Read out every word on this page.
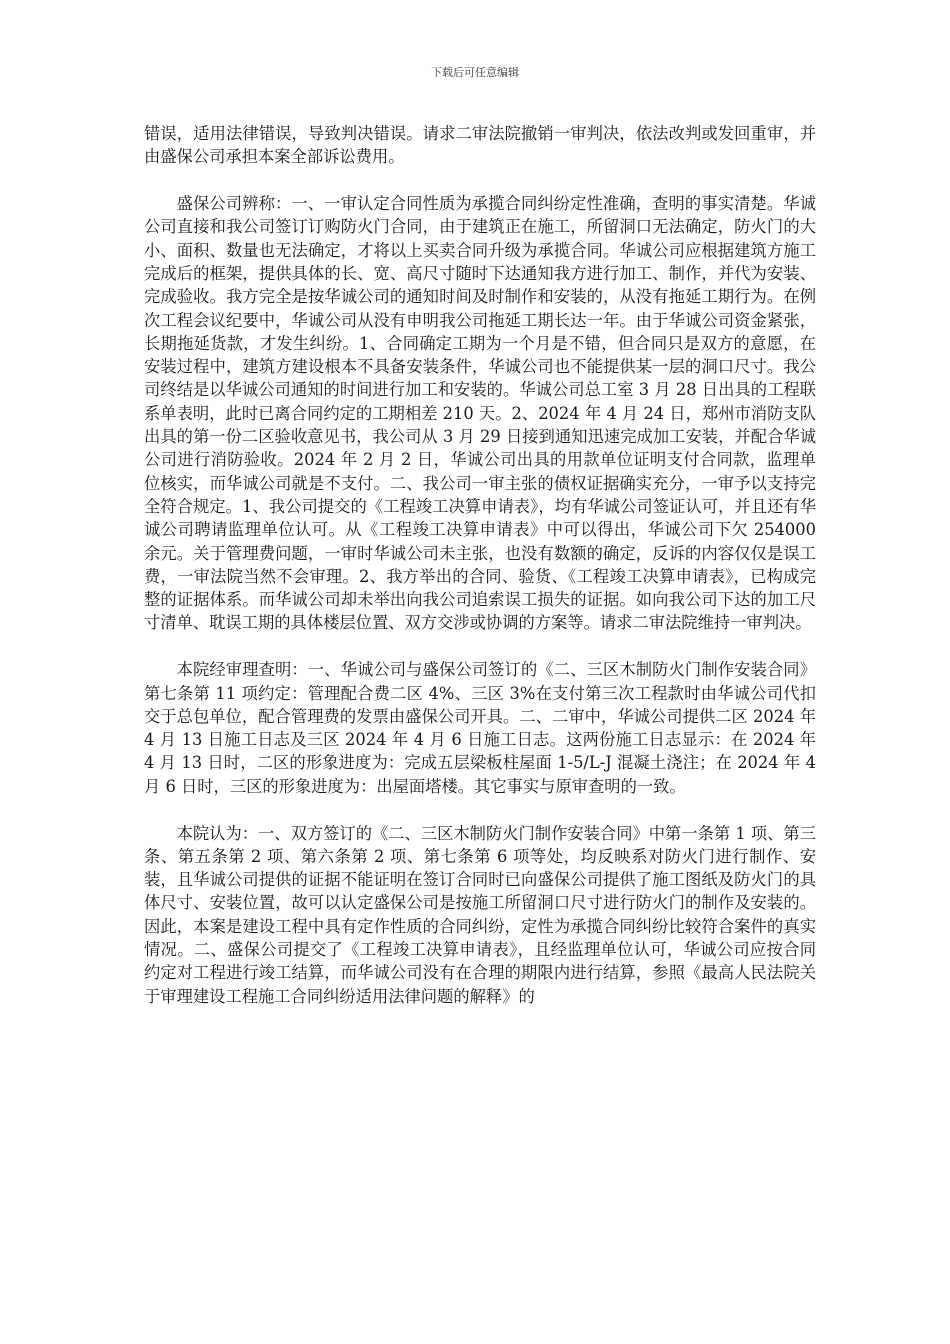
下载后可任意编辑

错误，适用法律错误，导致判决错误。请求二审法院撤销一审判决，依法改判或发回重审，并由盛保公司承担本案全部诉讼费用。

盛保公司辨称：一、一审认定合同性质为承揽合同纠纷定性准确，查明的事实清楚。华诚公司直接和我公司签订订购防火门合同，由于建筑正在施工，所留洞口无法确定，防火门的大小、面积、数量也无法确定，才将以上买卖合同升级为承揽合同。华诚公司应根据建筑方施工完成后的框架，提供具体的长、宽、高尺寸随时下达通知我方进行加工、制作，并代为安装、完成验收。我方完全是按华诚公司的通知时间及时制作和安装的，从没有拖延工期行为。在例次工程会议纪要中，华诚公司从没有申明我公司拖延工期长达一年。由于华诚公司资金紧张，长期拖延货款，才发生纠纷。1、合同确定工期为一个月是不错，但合同只是双方的意愿，在安装过程中，建筑方建设根本不具备安装条件，华诚公司也不能提供某一层的洞口尺寸。我公司终结是以华诚公司通知的时间进行加工和安装的。华诚公司总工室 3 月 28 日出具的工程联系单表明，此时已离合同约定的工期相差 210 天。2、2024 年 4 月 24 日，郑州市消防支队出具的第一份二区验收意见书，我公司从 3 月 29 日接到通知迅速完成加工安装，并配合华诚公司进行消防验收。2024 年 2 月 2 日，华诚公司出具的用款单位证明支付合同款，监理单位核实，而华诚公司就是不支付。二、我公司一审主张的债权证据确实充分，一审予以支持完全符合规定。1、我公司提交的《工程竣工决算申请表》，均有华诚公司签证认可，并且还有华诚公司聘请监理单位认可。从《工程竣工决算申请表》中可以得出，华诚公司下欠 254000 余元。关于管理费问题，一审时华诚公司未主张，也没有数额的确定，反诉的内容仅仅是误工费，一审法院当然不会审理。2、我方举出的合同、验货、《工程竣工决算申请表》，已构成完整的证据体系。而华诚公司却未举出向我公司追索误工损失的证据。如向我公司下达的加工尺寸清单、耽误工期的具体楼层位置、双方交涉或协调的方案等。请求二审法院维持一审判决。

本院经审理查明：一、华诚公司与盛保公司签订的《二、三区木制防火门制作安装合同》第七条第 11 项约定：管理配合费二区 4%、三区 3%在支付第三次工程款时由华诚公司代扣交于总包单位，配合管理费的发票由盛保公司开具。二、二审中，华诚公司提供二区 2024 年 4 月 13 日施工日志及三区 2024 年 4 月 6 日施工日志。这两份施工日志显示：在 2024 年 4 月 13 日时，二区的形象进度为：完成五层梁板柱屋面 1-5/L-J 混凝土浇注；在 2024 年 4 月 6 日时，三区的形象进度为：出屋面塔楼。其它事实与原审查明的一致。

本院认为：一、双方签订的《二、三区木制防火门制作安装合同》中第一条第 1 项、第三条、第五条第 2 项、第六条第 2 项、第七条第 6 项等处，均反映系对防火门进行制作、安装，且华诚公司提供的证据不能证明在签订合同时已向盛保公司提供了施工图纸及防火门的具体尺寸、安装位置，故可以认定盛保公司是按施工所留洞口尺寸进行防火门的制作及安装的。因此，本案是建设工程中具有定作性质的合同纠纷，定性为承揽合同纠纷比较符合案件的真实情况。二、盛保公司提交了《工程竣工决算申请表》，且经监理单位认可，华诚公司应按合同约定对工程进行竣工结算，而华诚公司没有在合理的期限内进行结算，参照《最高人民法院关于审理建设工程施工合同纠纷适用法律问题的解释》的
